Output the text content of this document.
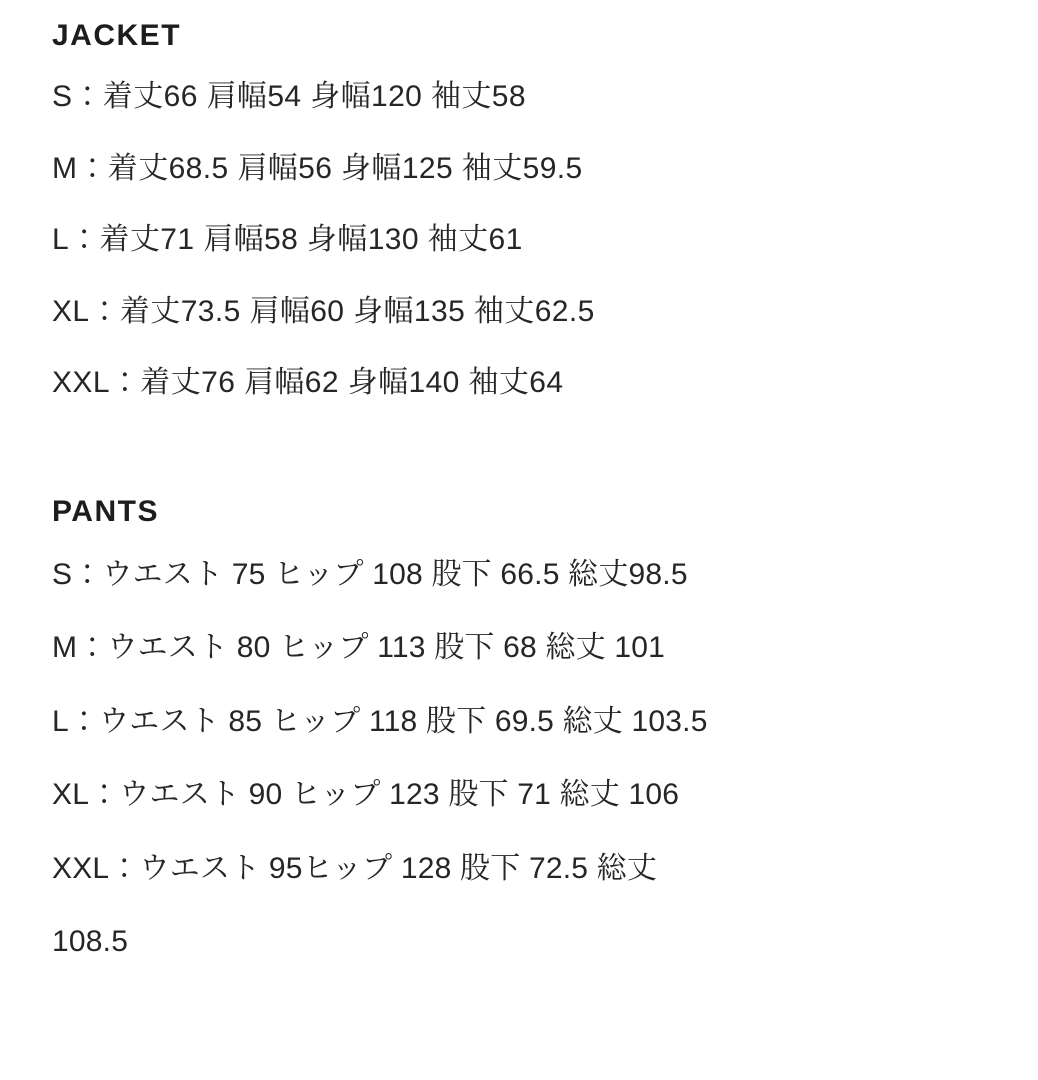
JACKET
S：着丈66 肩幅54 身幅120 袖丈58
M：着丈68.5 肩幅56 身幅125 袖丈59.5
L：着丈71 肩幅58 身幅130 袖丈61
XL：着丈73.5 肩幅60 身幅135 袖丈62.5
XXL：着丈76 肩幅62 身幅140 袖丈64
PANTS
S：ウエスト 75 ヒップ 108 股下 66.5 総丈98.5
M：ウエスト 80 ヒップ 113 股下 68 総丈 101
L：ウエスト 85 ヒップ 118 股下 69.5 総丈 103.5
XL：ウエスト 90 ヒップ 123 股下 71 総丈 106
XXL：ウエスト 95ヒップ 128 股下 72.5 総丈
108.5
